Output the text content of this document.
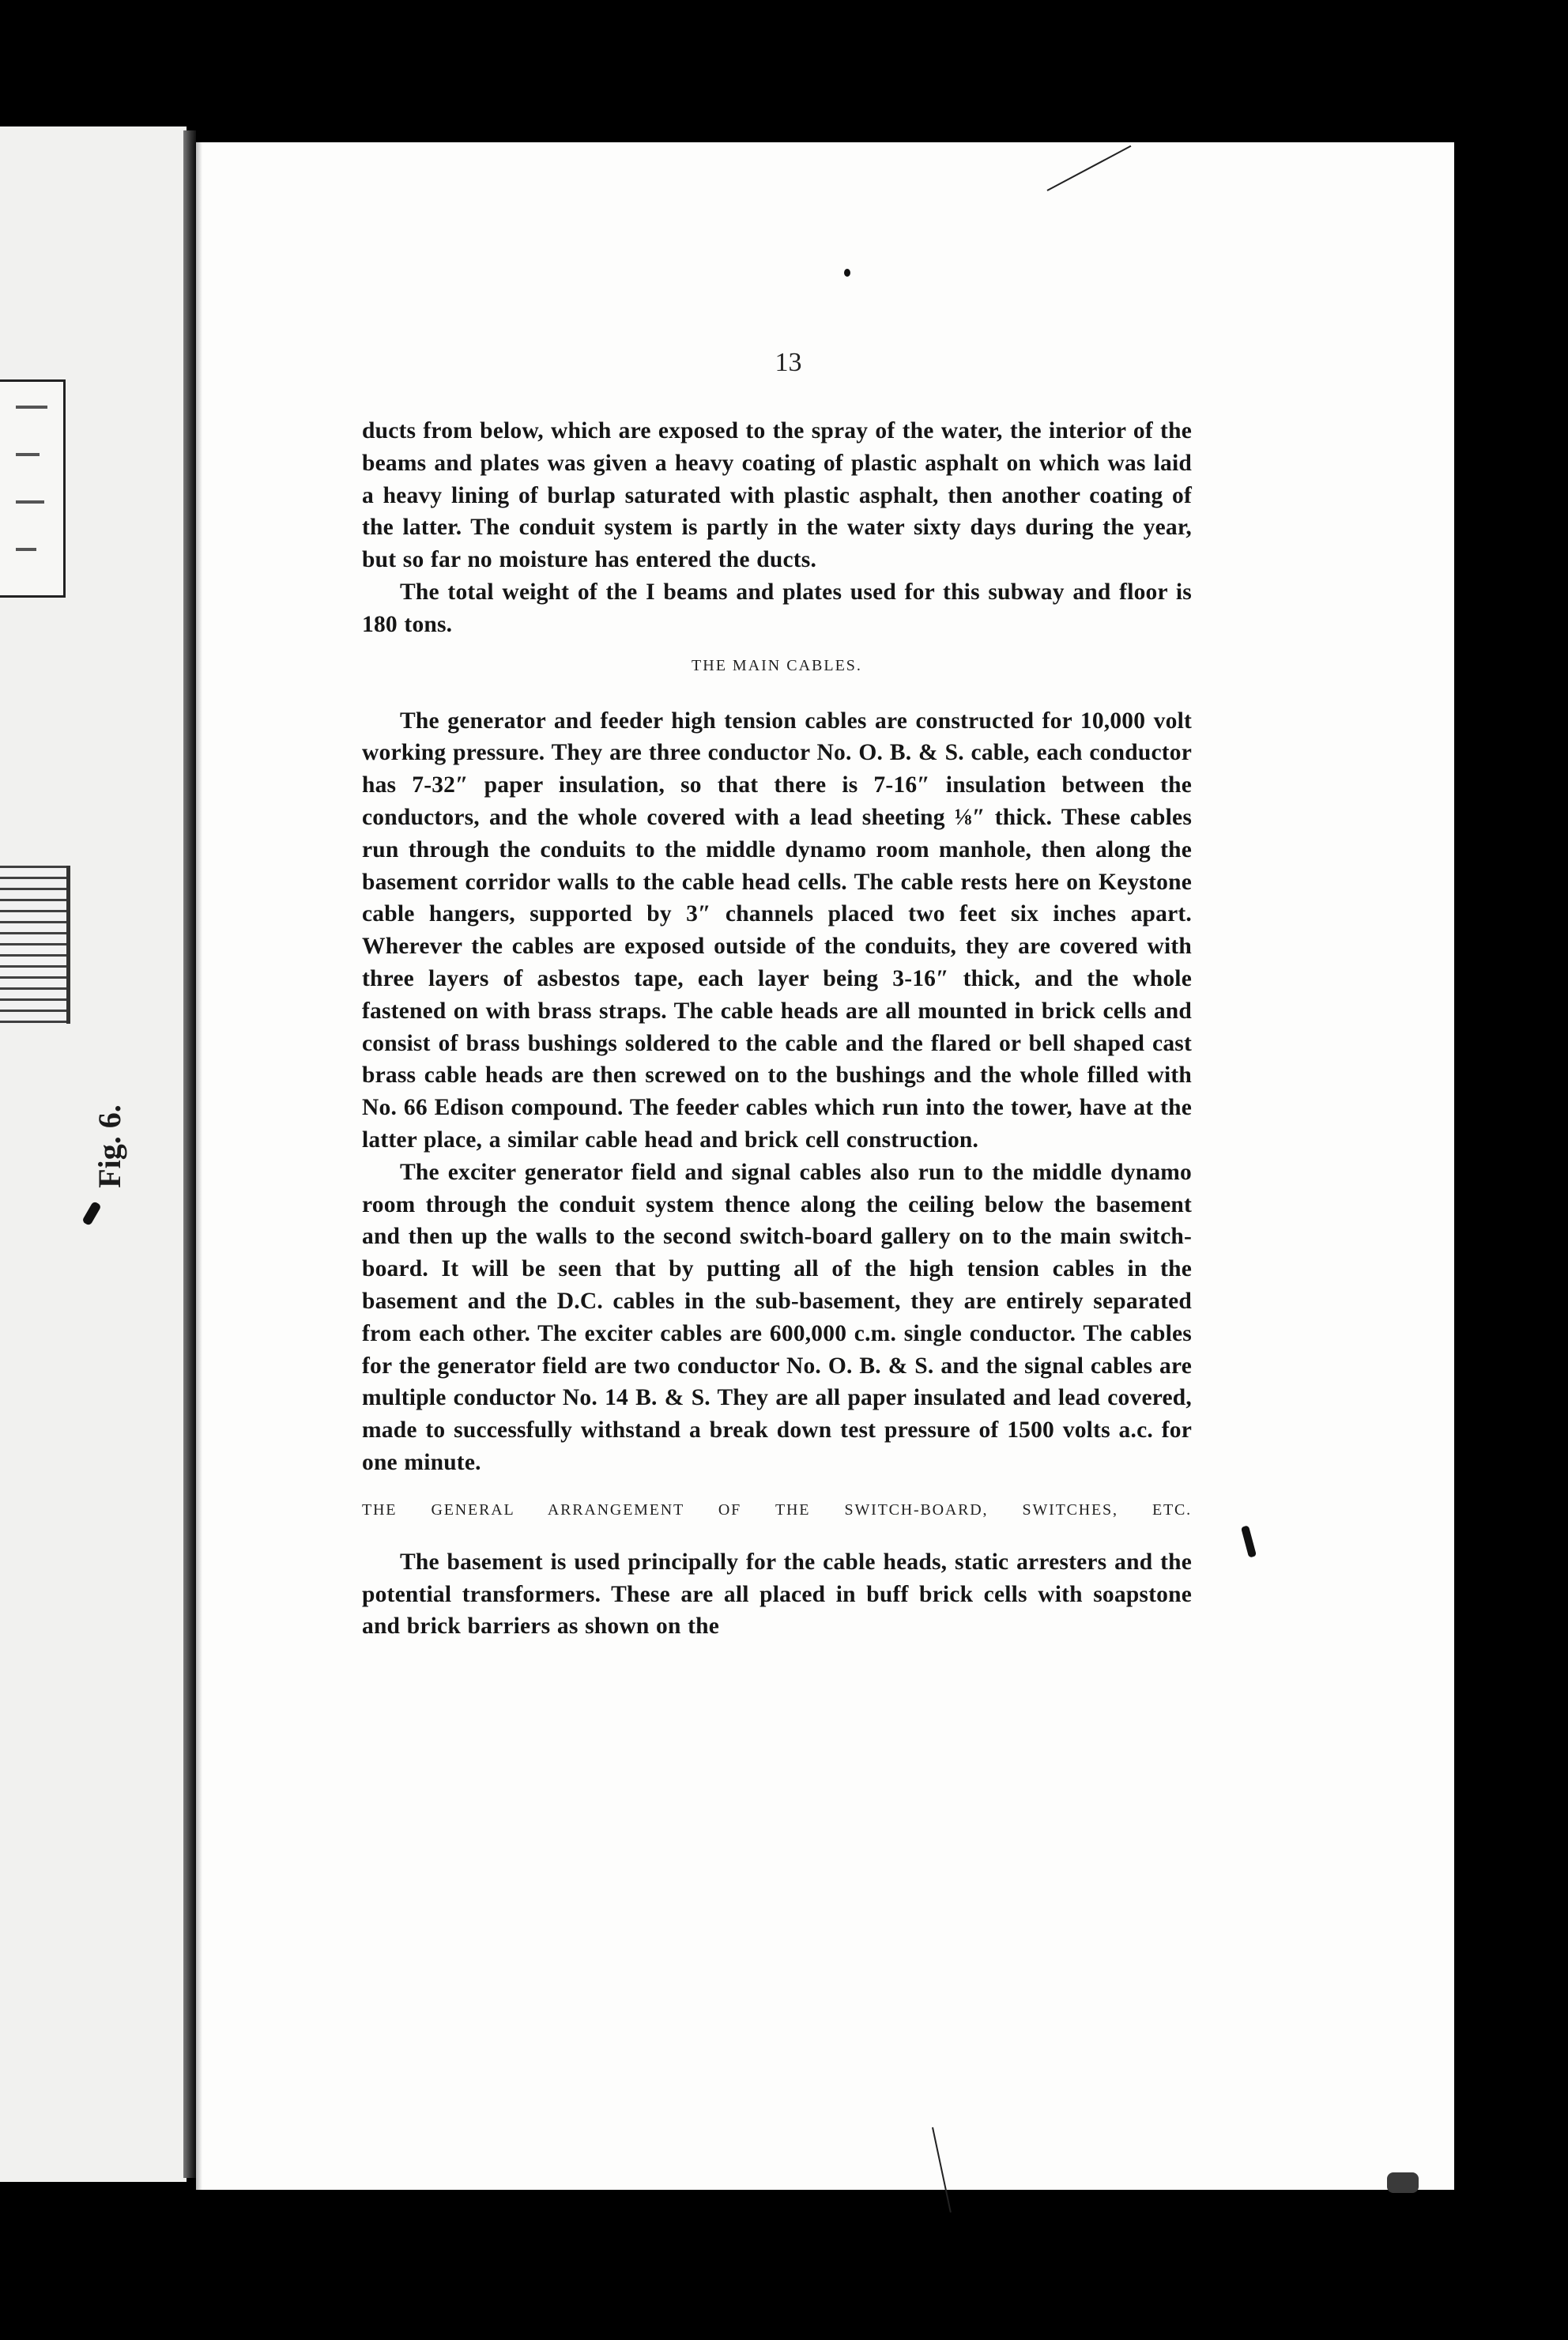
Fig. 6.
13

ducts from below, which are exposed to the spray of the water, the interior of the beams and plates was given a heavy coating of plastic asphalt on which was laid a heavy lining of burlap saturated with plastic asphalt, then another coating of the latter. The conduit system is partly in the water sixty days during the year, but so far no moisture has entered the ducts.

The total weight of the I beams and plates used for this subway and floor is 180 tons.

THE MAIN CABLES.

The generator and feeder high tension cables are constructed for 10,000 volt working pressure. They are three conductor No. O. B. & S. cable, each conductor has 7-32″ paper insulation, so that there is 7-16″ insulation between the conductors, and the whole covered with a lead sheeting ⅛″ thick. These cables run through the conduits to the middle dynamo room manhole, then along the basement corridor walls to the cable head cells. The cable rests here on Keystone cable hangers, supported by 3″ channels placed two feet six inches apart. Wherever the cables are exposed outside of the conduits, they are covered with three layers of asbestos tape, each layer being 3-16″ thick, and the whole fastened on with brass straps. The cable heads are all mounted in brick cells and consist of brass bushings soldered to the cable and the flared or bell shaped cast brass cable heads are then screwed on to the bushings and the whole filled with No. 66 Edison compound. The feeder cables which run into the tower, have at the latter place, a similar cable head and brick cell construction.

The exciter generator field and signal cables also run to the middle dynamo room through the conduit system thence along the ceiling below the basement and then up the walls to the second switch-board gallery on to the main switch-board. It will be seen that by putting all of the high tension cables in the basement and the D.C. cables in the sub-basement, they are entirely separated from each other. The exciter cables are 600,000 c.m. single conductor. The cables for the generator field are two conductor No. O. B. & S. and the signal cables are multiple conductor No. 14 B. & S. They are all paper insulated and lead covered, made to successfully withstand a break down test pressure of 1500 volts a.c. for one minute.

THE GENERAL ARRANGEMENT OF THE SWITCH-BOARD, SWITCHES, ETC.

The basement is used principally for the cable heads, static arresters and the potential transformers. These are all placed in buff brick cells with soapstone and brick barriers as shown on the
